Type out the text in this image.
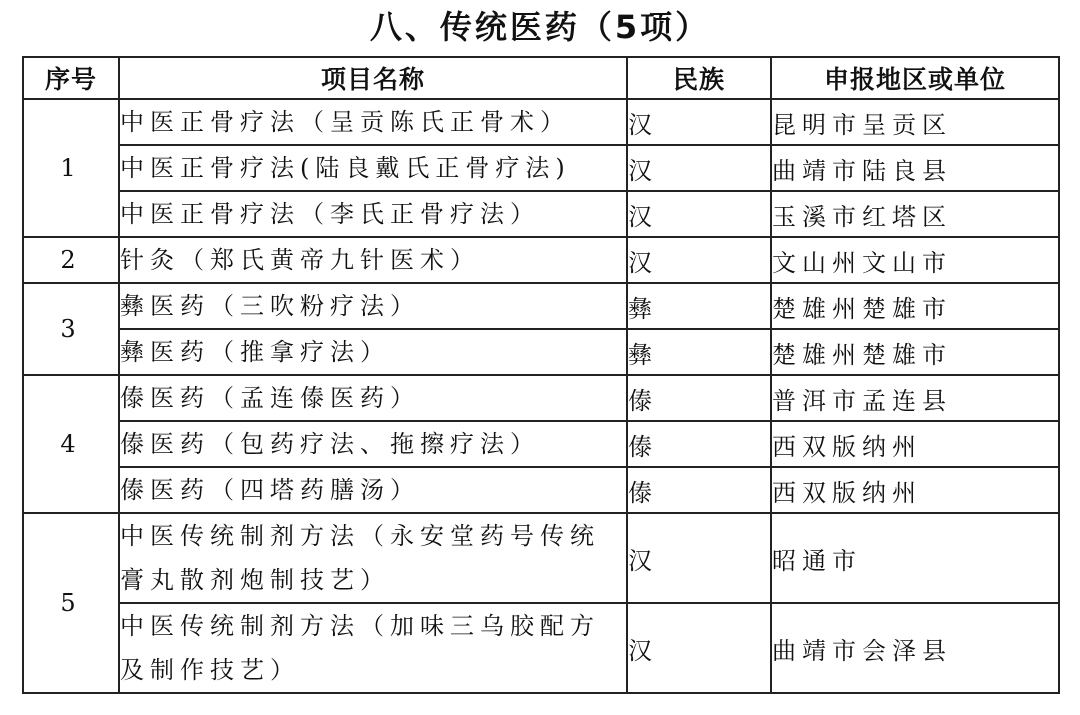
八、传统医药（5项）
序号	项目名称	民族	申报地区或单位
1	中医正骨疗法（呈贡陈氏正骨术）	汉	昆明市呈贡区
	中医正骨疗法(陆良戴氏正骨疗法)	汉	曲靖市陆良县
	中医正骨疗法（李氏正骨疗法）	汉	玉溪市红塔区
2	针灸（郑氏黄帝九针医术）	汉	文山州文山市
3	彝医药（三吹粉疗法）	彝	楚雄州楚雄市
	彝医药（推拿疗法）	彝	楚雄州楚雄市
4	傣医药（孟连傣医药）	傣	普洱市孟连县
	傣医药（包药疗法、拖擦疗法）	傣	西双版纳州
	傣医药（四塔药膳汤）	傣	西双版纳州
5	中医传统制剂方法（永安堂药号传统膏丸散剂炮制技艺）	汉	昭通市
	中医传统制剂方法（加味三乌胶配方及制作技艺）	汉	曲靖市会泽县
